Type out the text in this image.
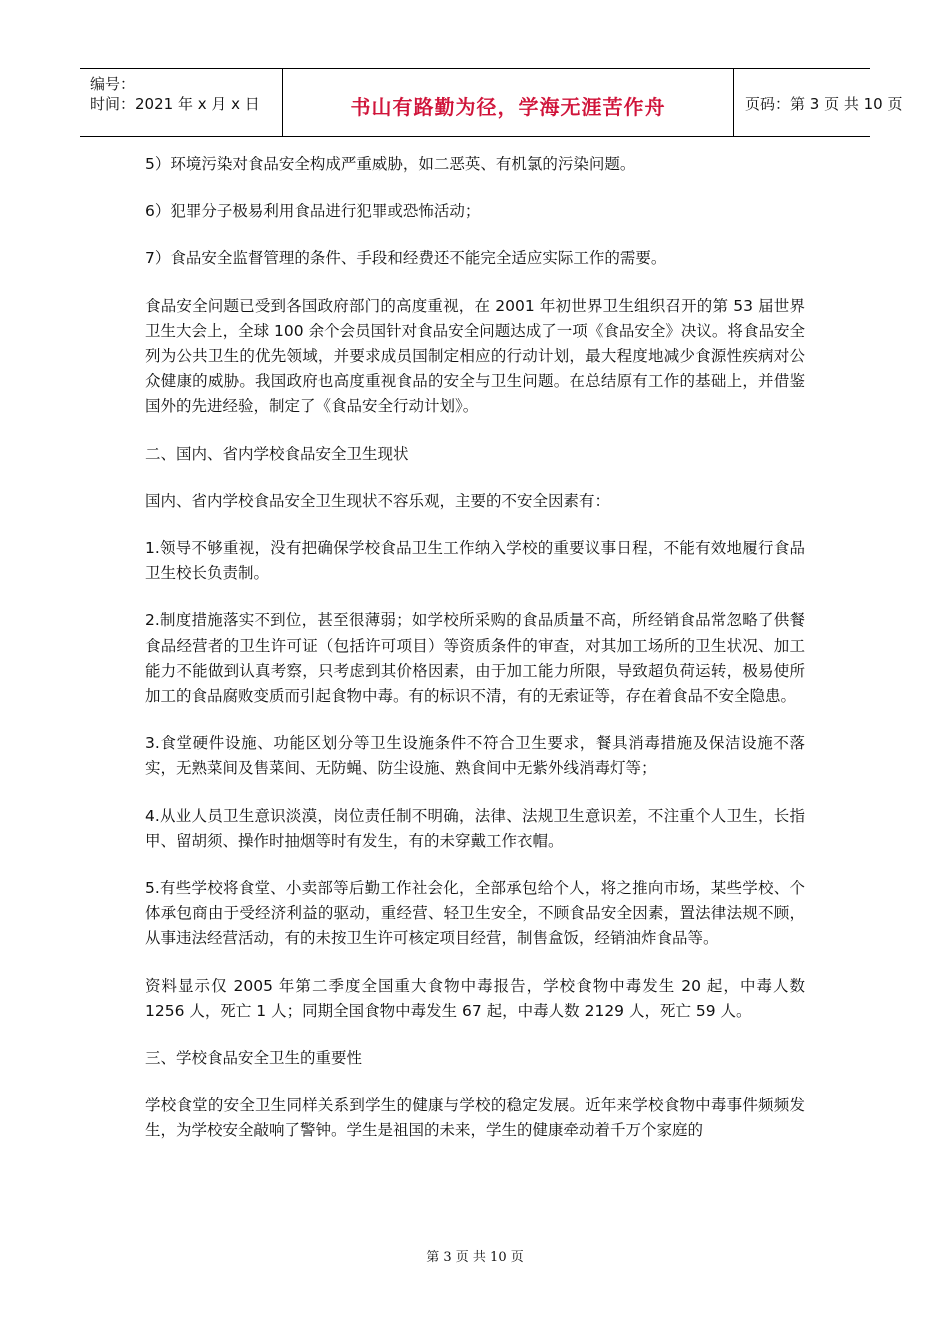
编号：
时间：2021 年 x 月 x 日	书山有路勤为径，学海无涯苦作舟	页码：第 3 页 共 10 页

5）环境污染对食品安全构成严重威胁，如二恶英、有机氯的污染问题。

6）犯罪分子极易利用食品进行犯罪或恐怖活动；

7）食品安全监督管理的条件、手段和经费还不能完全适应实际工作的需要。

食品安全问题已受到各国政府部门的高度重视，在 2001 年初世界卫生组织召开的第 53 届世界卫生大会上，全球 100 余个会员国针对食品安全问题达成了一项《食品安全》决议。将食品安全列为公共卫生的优先领域，并要求成员国制定相应的行动计划，最大程度地减少食源性疾病对公众健康的威胁。我国政府也高度重视食品的安全与卫生问题。在总结原有工作的基础上，并借鉴国外的先进经验，制定了《食品安全行动计划》。

二、国内、省内学校食品安全卫生现状

国内、省内学校食品安全卫生现状不容乐观，主要的不安全因素有：

1.领导不够重视，没有把确保学校食品卫生工作纳入学校的重要议事日程，不能有效地履行食品卫生校长负责制。

2.制度措施落实不到位，甚至很薄弱；如学校所采购的食品质量不高，所经销食品常忽略了供餐食品经营者的卫生许可证（包括许可项目）等资质条件的审查，对其加工场所的卫生状况、加工能力不能做到认真考察，只考虑到其价格因素，由于加工能力所限，导致超负荷运转，极易使所加工的食品腐败变质而引起食物中毒。有的标识不清，有的无索证等，存在着食品不安全隐患。

3.食堂硬件设施、功能区划分等卫生设施条件不符合卫生要求，餐具消毒措施及保洁设施不落实，无熟菜间及售菜间、无防蝇、防尘设施、熟食间中无紫外线消毒灯等；

4.从业人员卫生意识淡漠，岗位责任制不明确，法律、法规卫生意识差，不注重个人卫生，长指甲、留胡须、操作时抽烟等时有发生，有的未穿戴工作衣帽。

5.有些学校将食堂、小卖部等后勤工作社会化，全部承包给个人，将之推向市场，某些学校、个体承包商由于受经济利益的驱动，重经营、轻卫生安全，不顾食品安全因素，置法律法规不顾，从事违法经营活动，有的未按卫生许可核定项目经营，制售盒饭，经销油炸食品等。

资料显示仅 2005 年第二季度全国重大食物中毒报告，学校食物中毒发生 20 起，中毒人数 1256 人，死亡 1 人；同期全国食物中毒发生 67 起，中毒人数 2129 人，死亡 59 人。

三、学校食品安全卫生的重要性

学校食堂的安全卫生同样关系到学生的健康与学校的稳定发展。近年来学校食物中毒事件频频发生，为学校安全敲响了警钟。学生是祖国的未来，学生的健康牵动着千万个家庭的

第 3 页 共 10 页
